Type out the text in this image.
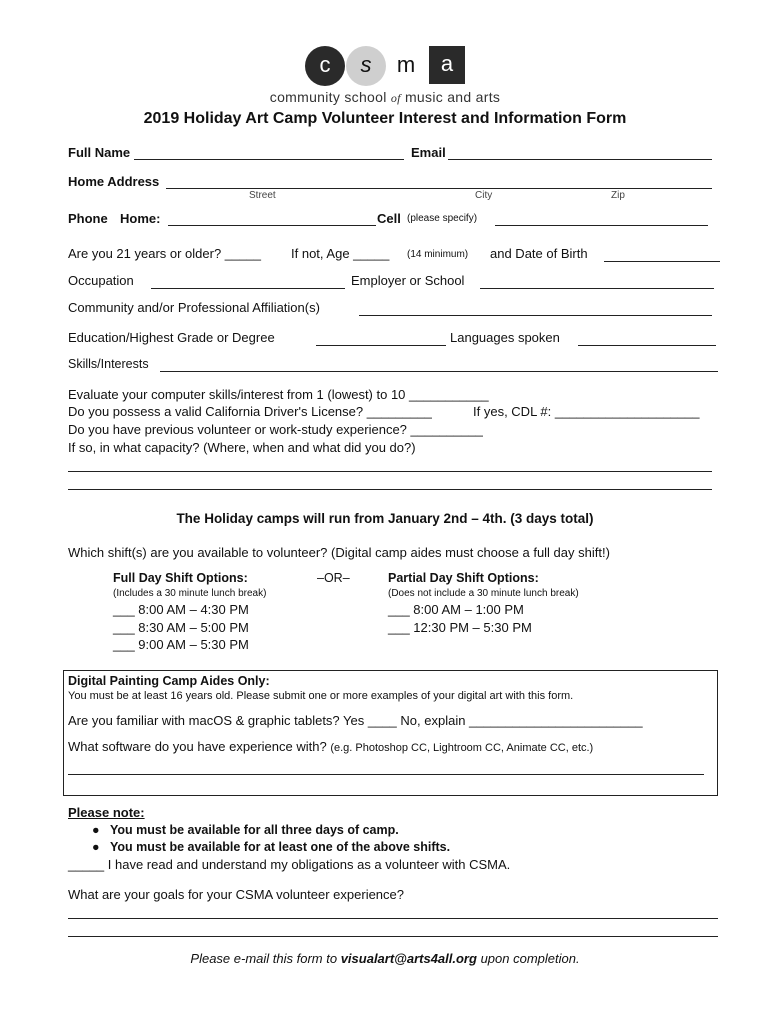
c	s	m	a
community school of music and arts
2019 Holiday Art Camp Volunteer Interest and Information Form
Full Name	Email
Home Address
Street	City	Zip
Phone Home:	Cell (please specify)
Are you 21 years or older? _____ If not, Age _____ (14 minimum) and Date of Birth
Occupation	Employer or School
Community and/or Professional Affiliation(s)
Education/Highest Grade or Degree	Languages spoken
Skills/Interests
Evaluate your computer skills/interest from 1 (lowest) to 10 ___________
Do you possess a valid California Driver's License? _________	If yes, CDL #: ____________________
Do you have previous volunteer or work-study experience? __________
If so, in what capacity? (Where, when and what did you do?)
The Holiday camps will run from January 2nd – 4th. (3 days total)
Which shift(s) are you available to volunteer? (Digital camp aides must choose a full day shift!)
Full Day Shift Options:
(Includes a 30 minute lunch break)
___ 8:00 AM – 4:30 PM
___ 8:30 AM – 5:00 PM
___ 9:00 AM – 5:30 PM
–OR–	Partial Day Shift Options:
(Does not include a 30 minute lunch break)
___ 8:00 AM – 1:00 PM
___ 12:30 PM – 5:30 PM
Digital Painting Camp Aides Only:
You must be at least 16 years old. Please submit one or more examples of your digital art with this form.
Are you familiar with macOS & graphic tablets? Yes ____ No, explain ________________________
What software do you have experience with? (e.g. Photoshop CC, Lightroom CC, Animate CC, etc.)
Please note:
●   You must be available for all three days of camp.
●   You must be available for at least one of the above shifts.
_____ I have read and understand my obligations as a volunteer with CSMA.
What are your goals for your CSMA volunteer experience?
Please e-mail this form to visualart@arts4all.org upon completion.
